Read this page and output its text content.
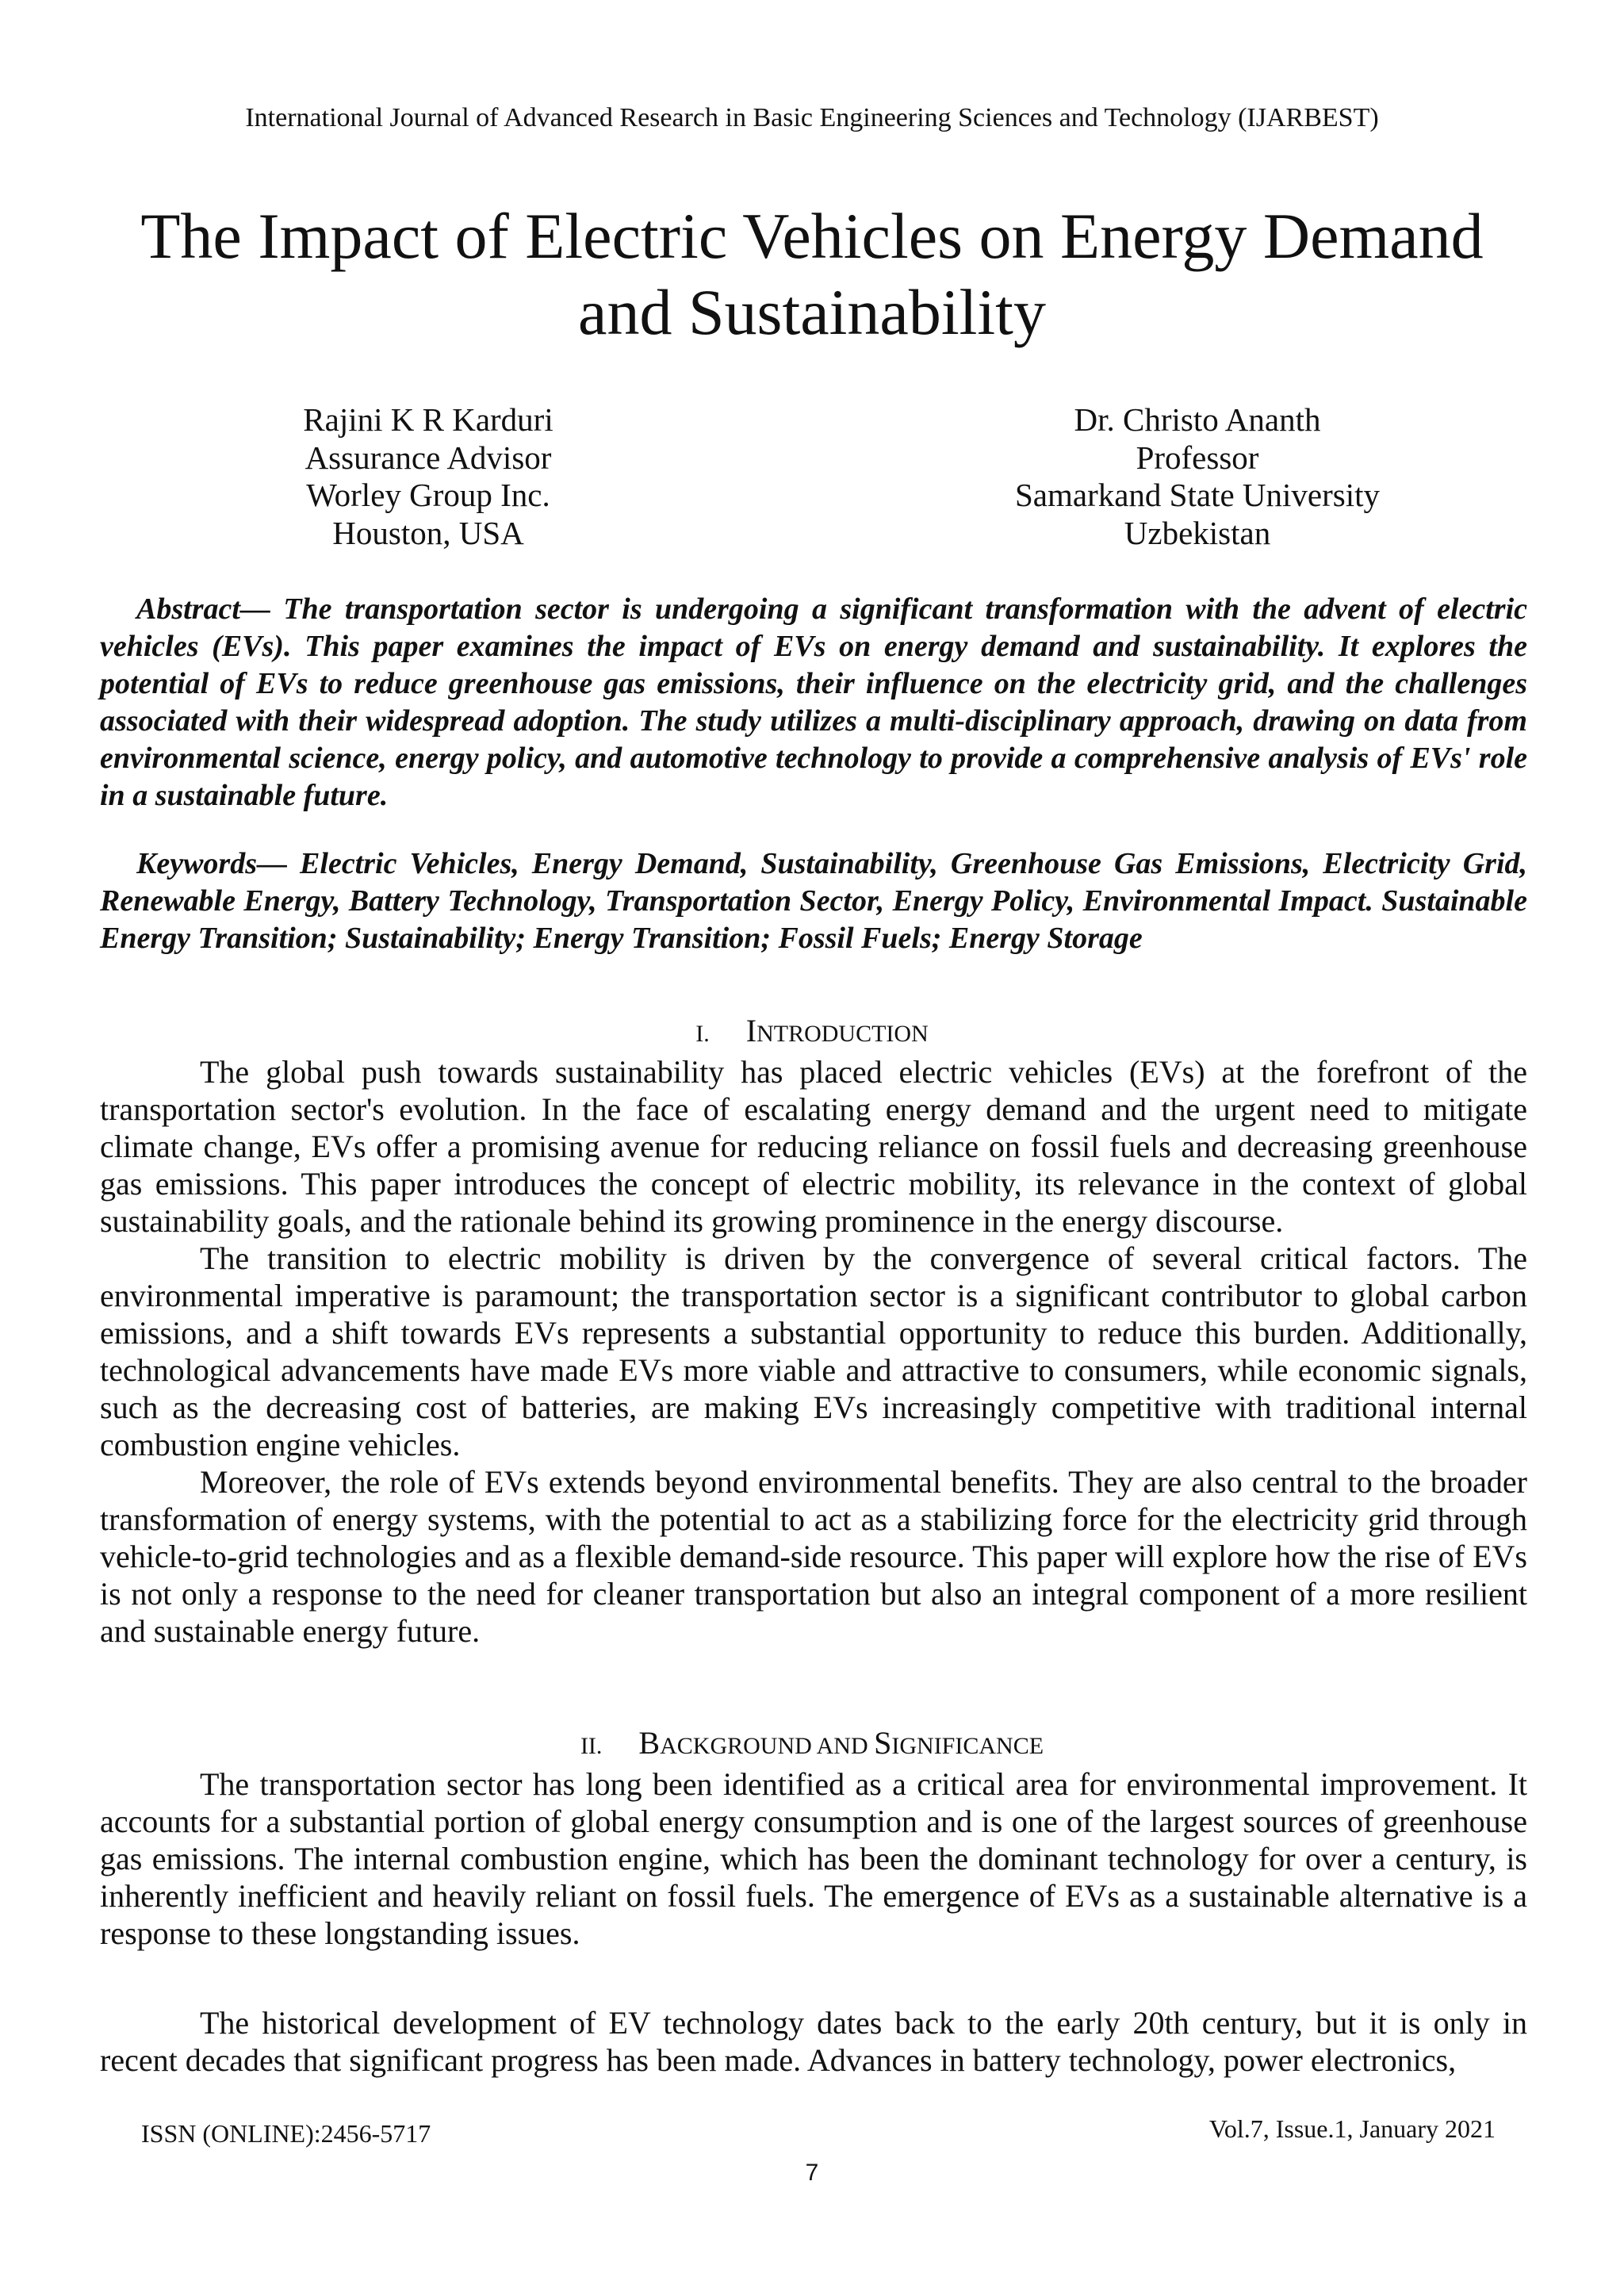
International Journal of Advanced Research in Basic Engineering Sciences and Technology (IJARBEST)
The Impact of Electric Vehicles on Energy Demand and Sustainability
Rajini K R Karduri
Assurance Advisor
Worley Group Inc.
Houston, USA
Dr. Christo Ananth
Professor
Samarkand State University
Uzbekistan

Abstract— The transportation sector is undergoing a significant transformation with the advent of electric vehicles (EVs). This paper examines the impact of EVs on energy demand and sustainability. It explores the potential of EVs to reduce greenhouse gas emissions, their influence on the electricity grid, and the challenges associated with their widespread adoption. The study utilizes a multi-disciplinary approach, drawing on data from environmental science, energy policy, and automotive technology to provide a comprehensive analysis of EVs' role in a sustainable future.

Keywords— Electric Vehicles, Energy Demand, Sustainability, Greenhouse Gas Emissions, Electricity Grid, Renewable Energy, Battery Technology, Transportation Sector, Energy Policy, Environmental Impact. Sustainable Energy Transition; Sustainability; Energy Transition; Fossil Fuels; Energy Storage

I. INTRODUCTION

The global push towards sustainability has placed electric vehicles (EVs) at the forefront of the transportation sector's evolution. In the face of escalating energy demand and the urgent need to mitigate climate change, EVs offer a promising avenue for reducing reliance on fossil fuels and decreasing greenhouse gas emissions. This paper introduces the concept of electric mobility, its relevance in the context of global sustainability goals, and the rationale behind its growing prominence in the energy discourse.

The transition to electric mobility is driven by the convergence of several critical factors. The environmental imperative is paramount; the transportation sector is a significant contributor to global carbon emissions, and a shift towards EVs represents a substantial opportunity to reduce this burden. Additionally, technological advancements have made EVs more viable and attractive to consumers, while economic signals, such as the decreasing cost of batteries, are making EVs increasingly competitive with traditional internal combustion engine vehicles.

Moreover, the role of EVs extends beyond environmental benefits. They are also central to the broader transformation of energy systems, with the potential to act as a stabilizing force for the electricity grid through vehicle-to-grid technologies and as a flexible demand-side resource. This paper will explore how the rise of EVs is not only a response to the need for cleaner transportation but also an integral component of a more resilient and sustainable energy future.

II. BACKGROUND AND SIGNIFICANCE

The transportation sector has long been identified as a critical area for environmental improvement. It accounts for a substantial portion of global energy consumption and is one of the largest sources of greenhouse gas emissions. The internal combustion engine, which has been the dominant technology for over a century, is inherently inefficient and heavily reliant on fossil fuels. The emergence of EVs as a sustainable alternative is a response to these longstanding issues.

The historical development of EV technology dates back to the early 20th century, but it is only in recent decades that significant progress has been made. Advances in battery technology, power electronics,

ISSN (ONLINE):2456-5717	Vol.7, Issue.1, January 2021
7
